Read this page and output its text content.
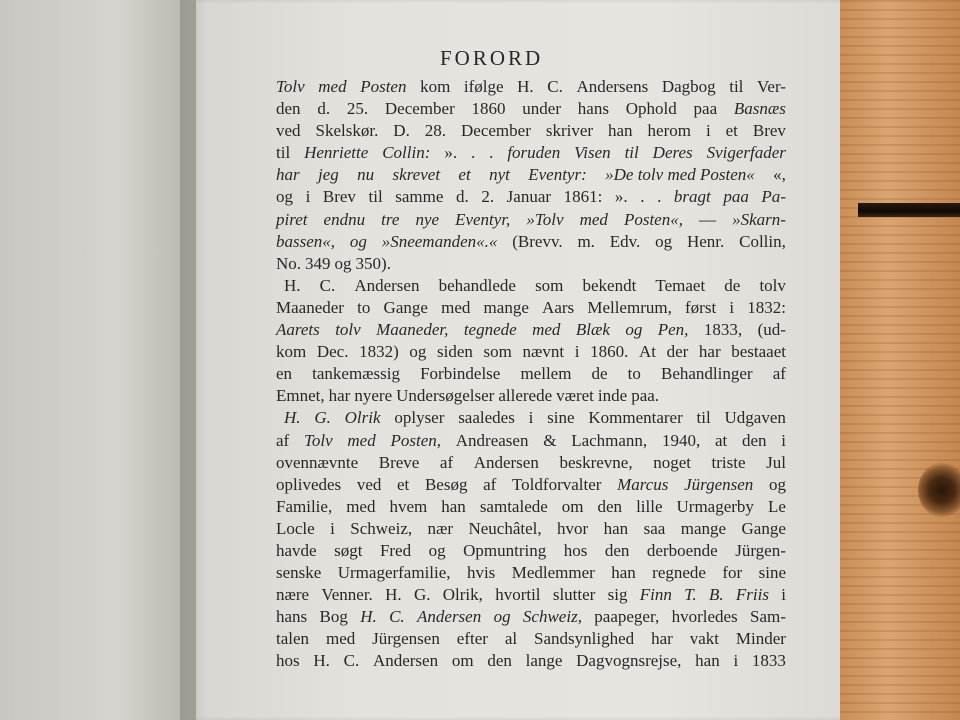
FORORD
Tolv med Posten kom ifølge H. C. Andersens Dagbog til Ver-
den d. 25. December 1860 under hans Ophold paa Basnæs
ved Skelskør. D. 28. December skriver han herom i et Brev
til Henriette Collin: ». . . foruden Visen til Deres Svigerfader
har jeg nu skrevet et nyt Eventyr: »De tolv med Posten« «,
og i Brev til samme d. 2. Januar 1861: ». . . bragt paa Pa-
piret endnu tre nye Eventyr, »Tolv med Posten«, — »Skarn-
bassen«, og »Sneemanden«.« (Brevv. m. Edv. og Henr. Collin,
No. 349 og 350).
H. C. Andersen behandlede som bekendt Temaet de tolv
Maaneder to Gange med mange Aars Mellemrum, først i 1832:
Aarets tolv Maaneder, tegnede med Blæk og Pen, 1833, (ud-
kom Dec. 1832) og siden som nævnt i 1860. At der har bestaaet
en tankemæssig Forbindelse mellem de to Behandlinger af
Emnet, har nyere Undersøgelser allerede været inde paa.
H. G. Olrik oplyser saaledes i sine Kommentarer til Udgaven
af Tolv med Posten, Andreasen & Lachmann, 1940, at den i
ovennævnte Breve af Andersen beskrevne, noget triste Jul
oplivedes ved et Besøg af Toldforvalter Marcus Jürgensen og
Familie, med hvem han samtalede om den lille Urmagerby Le
Locle i Schweiz, nær Neuchâtel, hvor han saa mange Gange
havde søgt Fred og Opmuntring hos den derboende Jürgen-
senske Urmagerfamilie, hvis Medlemmer han regnede for sine
nære Venner. H. G. Olrik, hvortil slutter sig Finn T. B. Friis i
hans Bog H. C. Andersen og Schweiz, paapeger, hvorledes Sam-
talen med Jürgensen efter al Sandsynlighed har vakt Minder
hos H. C. Andersen om den lange Dagvognsrejse, han i 1833
